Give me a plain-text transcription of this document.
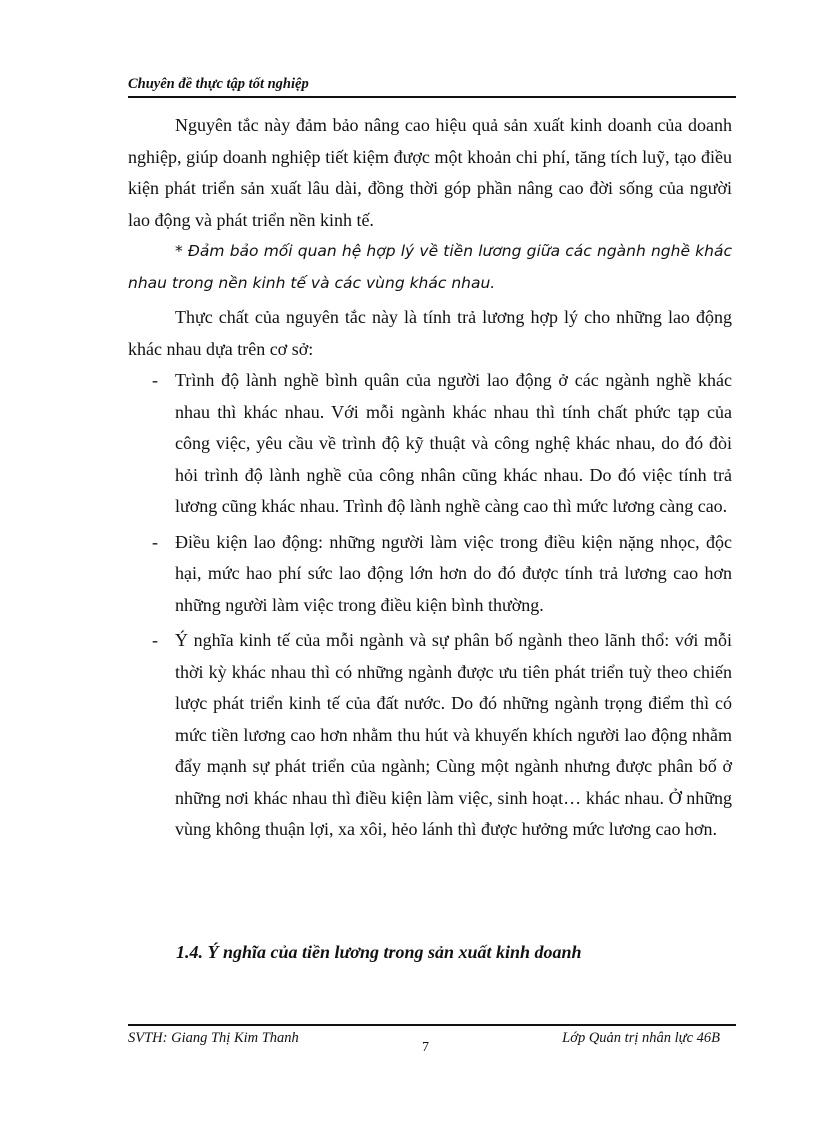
Chuyên đề thực tập tốt nghiệp

Nguyên tắc này đảm bảo nâng cao hiệu quả sản xuất kinh doanh của doanh nghiệp, giúp doanh nghiệp tiết kiệm được một khoản chi phí, tăng tích luỹ, tạo điều kiện phát triển sản xuất lâu dài, đồng thời góp phần nâng cao đời sống của người lao động và phát triển nền kinh tế.

* Đảm bảo mối quan hệ hợp lý về tiền lương giữa các ngành nghề khác nhau trong nền kinh tế và các vùng khác nhau.

Thực chất của nguyên tắc này là tính trả lương hợp lý cho những lao động khác nhau dựa trên cơ sở:

- Trình độ lành nghề bình quân của người lao động ở các ngành nghề khác nhau thì khác nhau. Với mỗi ngành khác nhau thì tính chất phức tạp của công việc, yêu cầu về trình độ kỹ thuật và công nghệ khác nhau, do đó đòi hỏi trình độ lành nghề của công nhân cũng khác nhau. Do đó việc tính trả lương cũng khác nhau. Trình độ lành nghề càng cao thì mức lương càng cao.
- Điều kiện lao động: những người làm việc trong điều kiện nặng nhọc, độc hại, mức hao phí sức lao động lớn hơn do đó được tính trả lương cao hơn những người làm việc trong điều kiện bình thường.
- Ý nghĩa kinh tế của mỗi ngành và sự phân bố ngành theo lãnh thổ: với mỗi thời kỳ khác nhau thì có những ngành được ưu tiên phát triển tuỳ theo chiến lược phát triển kinh tế của đất nước. Do đó những ngành trọng điểm thì có mức tiền lương cao hơn nhằm thu hút và khuyến khích người lao động nhằm đẩy mạnh sự phát triển của ngành; Cùng một ngành nhưng được phân bố ở những nơi khác nhau thì điều kiện làm việc, sinh hoạt… khác nhau. Ở những vùng không thuận lợi, xa xôi, hẻo lánh thì được hưởng mức lương cao hơn.
1.4. Ý nghĩa của tiền lương trong sản xuất kinh doanh
SVTH: Giang Thị Kim Thanh
7
Lớp Quản trị nhân lực 46B
